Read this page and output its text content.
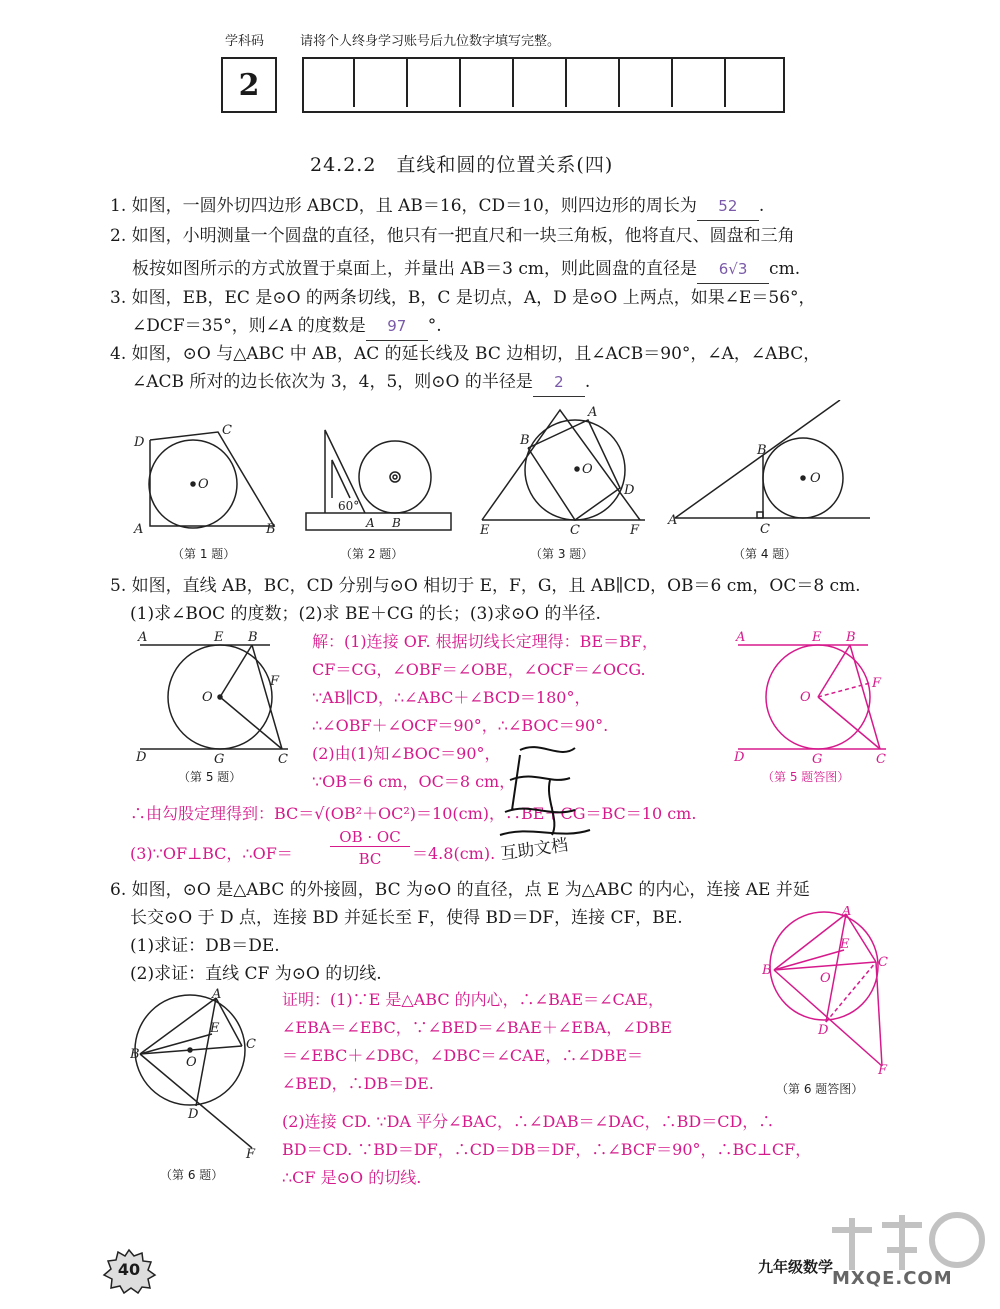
学科码	请将个人终身学习账号后九位数字填写完整。
2
24.2.2　直线和圆的位置关系(四)
1. 如图，一圆外切四边形 ABCD，且 AB＝16，CD＝10，则四边形的周长为 52 .
2. 如图，小明测量一个圆盘的直径，他只有一把直尺和一块三角板，他将直尺、圆盘和三角
板按如图所示的方式放置于桌面上，并量出 AB＝3 cm，则此圆盘的直径是 6√3 cm.
3. 如图，EB，EC 是⊙O 的两条切线，B，C 是切点，A，D 是⊙O 上两点，如果∠E＝56°，
∠DCF＝35°，则∠A 的度数是 97 °.
4. 如图，⊙O 与△ABC 中 AB，AC 的延长线及 BC 边相切，且∠ACB＝90°，∠A，∠ABC，
∠ACB 所对的边长依次为 3，4，5，则⊙O 的半径是 2 .
D
C
A	B
O
60°
A B
B
A
D
C
E	F
O
A
B
C
O
（第 1 题）	（第 2 题）	（第 3 题）	（第 4 题）
5. 如图，直线 AB，BC，CD 分别与⊙O 相切于 E，F，G，且 AB∥CD，OB＝6 cm，OC＝8 cm.
(1)求∠BOC 的度数；(2)求 BE＋CG 的长；(3)求⊙O 的半径.
A	E B
F
O
D	G	C
（第 5 题）
解：(1)连接 OF. 根据切线长定理得：BE＝BF，
CF＝CG，∠OBF＝∠OBE，∠OCF＝∠OCG.
∵AB∥CD，∴∠ABC＋∠BCD＝180°，
∴∠OBF＋∠OCF＝90°，∴∠BOC＝90°.
(2)由(1)知∠BOC＝90°，
∵OB＝6 cm，OC＝8 cm，
∴由勾股定理得到：BC＝√(OB²＋OC²)＝10(cm)，∴BE＋CG＝BC＝10 cm.
(3)∵OF⊥BC，∴OF＝
OB · OC
BC	＝4.8(cm). 互助文档
A	E B
F
O
D	G	C
（第 5 题答图）
6. 如图，⊙O 是△ABC 的外接圆，BC 为⊙O 的直径，点 E 为△ABC 的内心，连接 AE 并延
长交⊙O 于 D 点，连接 BD 并延长至 F，使得 BD＝DF，连接 CF，BE.
(1)求证：DB＝DE.
(2)求证：直线 CF 为⊙O 的切线.
A
B
C
E
O
D
F
（第 6 题）
证明：(1)∵E 是△ABC 的内心，∴∠BAE＝∠CAE，
∠EBA＝∠EBC，∵∠BED＝∠BAE＋∠EBA，∠DBE
＝∠EBC＋∠DBC，∠DBC＝∠CAE，∴∠DBE＝
∠BED，∴DB＝DE.
(2)连接 CD. ∵DA 平分∠BAC，∴∠DAB＝∠DAC，∴BD＝CD，∴
BD＝CD. ∵BD＝DF，∴CD＝DB＝DF，∴∠BCF＝90°，∴BC⊥CF，
∴CF 是⊙O 的切线.
A
B
C
E
O
D
F
（第 6 题答图）
40	九年级数学
MXQE.COM
